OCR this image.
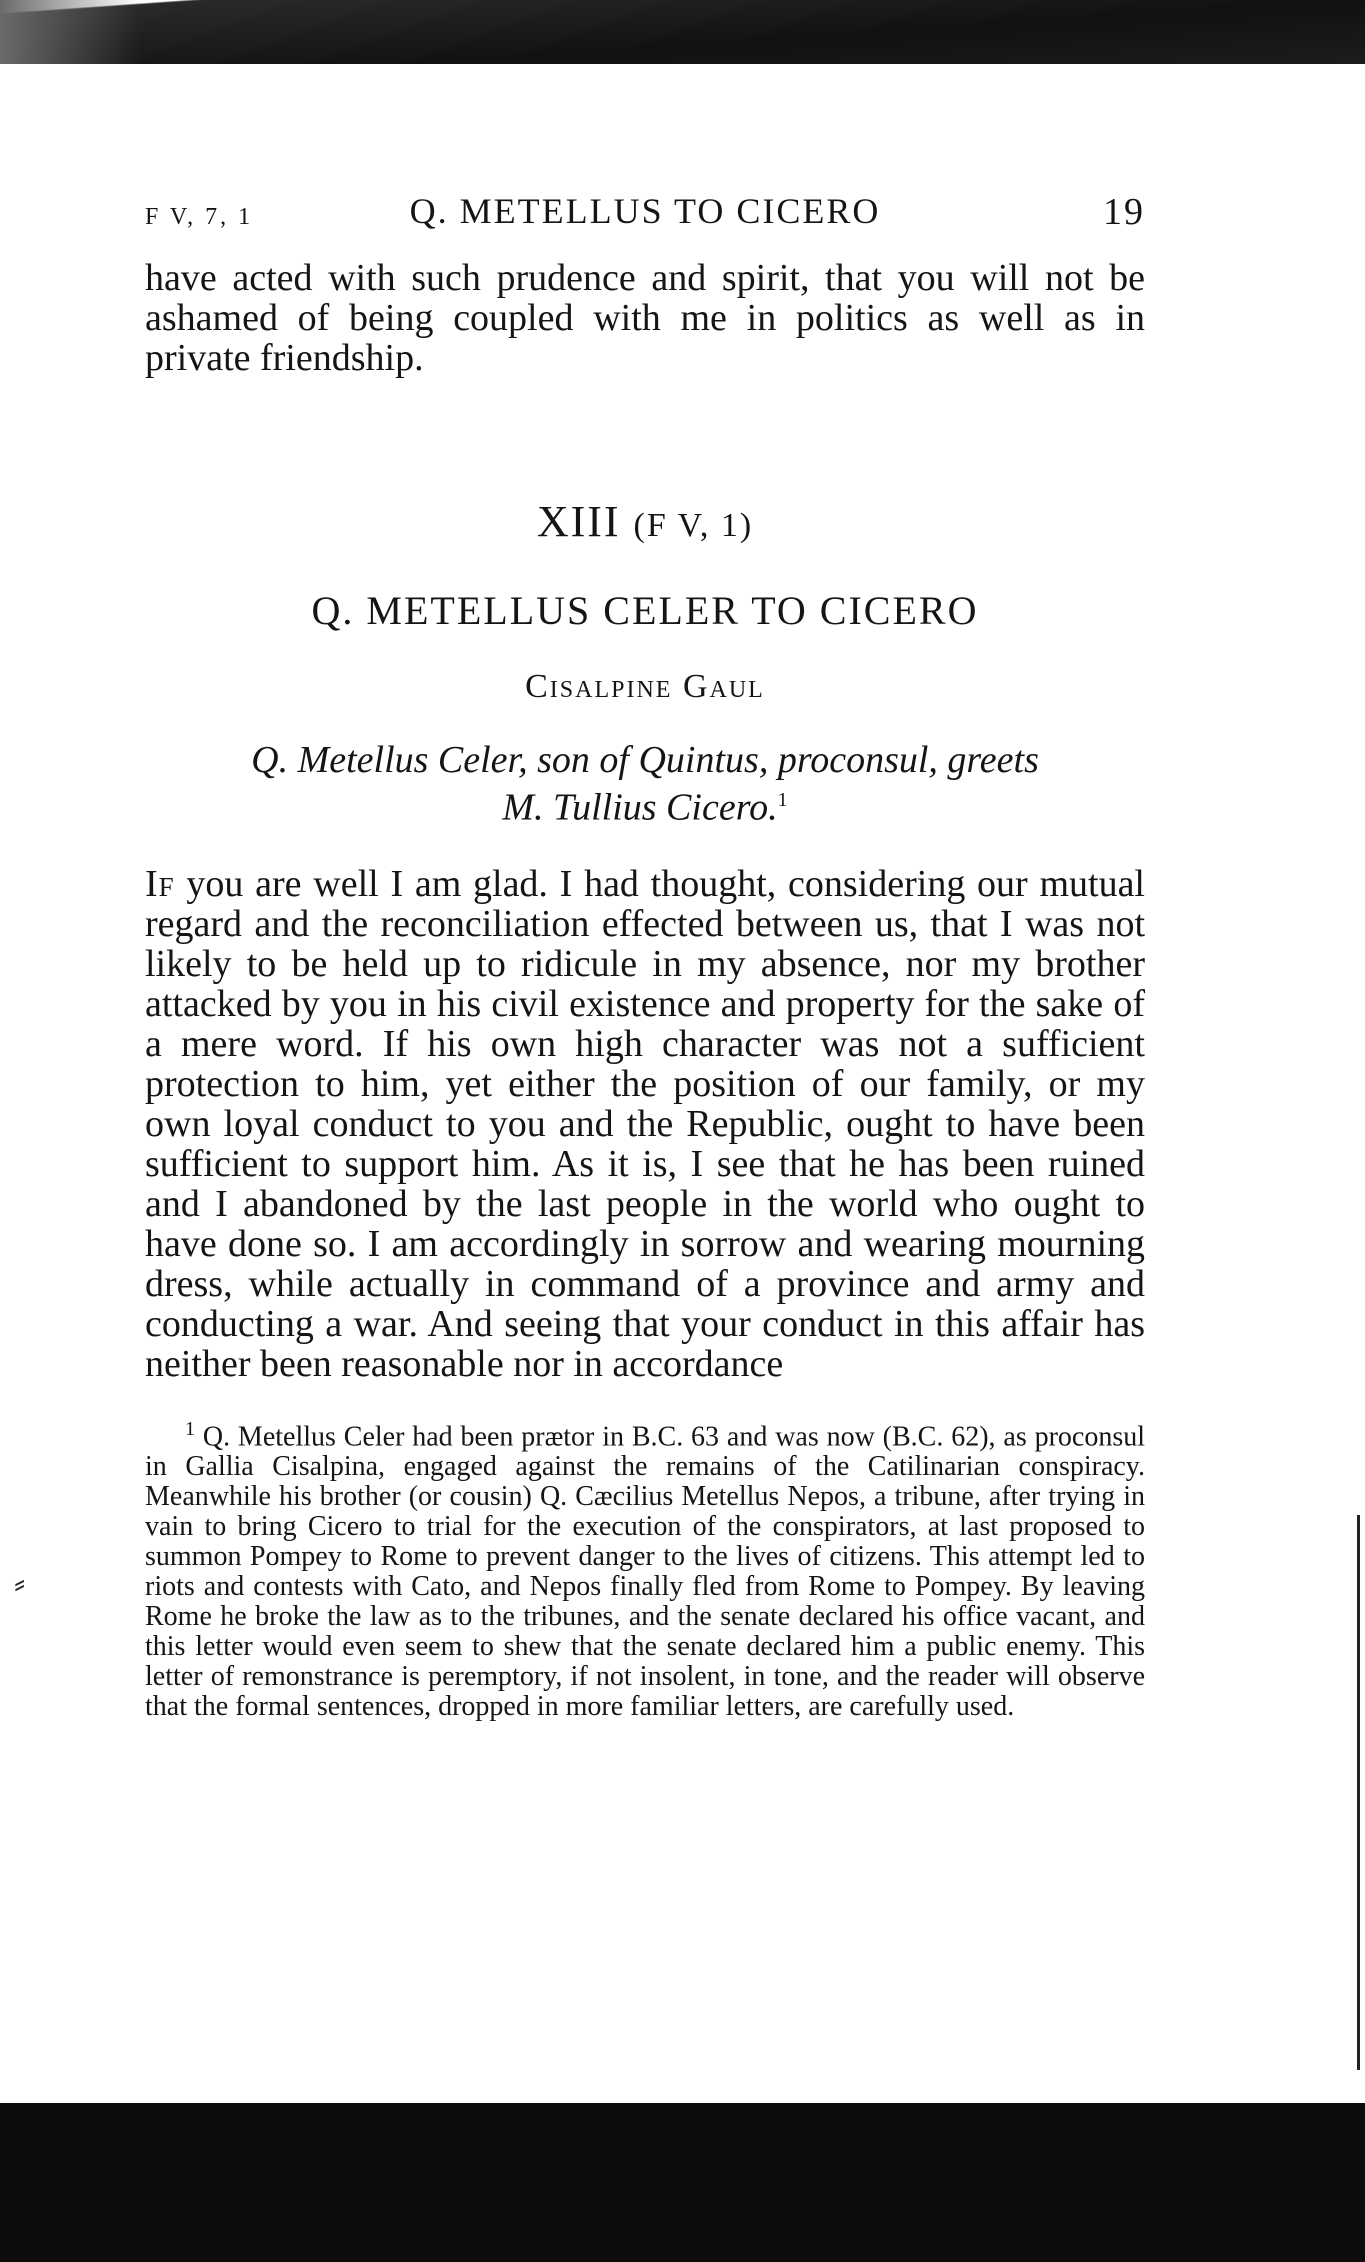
⸗
F V, 7, 1	Q. METELLUS TO CICERO	19

have acted with such prudence and spirit, that you will not be ashamed of being coupled with me in politics as well as in private friendship.

XIII (F V, 1)
Q. METELLUS CELER TO CICERO
Cisalpine Gaul
Q. Metellus Celer, son of Quintus, proconsul, greets
M. Tullius Cicero.$^1$

If you are well I am glad. I had thought, considering our mutual regard and the reconciliation effected between us, that I was not likely to be held up to ridicule in my absence, nor my brother attacked by you in his civil existence and property for the sake of a mere word. If his own high character was not a sufficient protection to him, yet either the position of our family, or my own loyal conduct to you and the Republic, ought to have been sufficient to support him. As it is, I see that he has been ruined and I abandoned by the last people in the world who ought to have done so. I am accordingly in sorrow and wearing mourning dress, while actually in command of a province and army and conducting a war. And seeing that your conduct in this affair has neither been reasonable nor in accordance

$^1$ Q. Metellus Celer had been prætor in B.C. 63 and was now (B.C. 62), as proconsul in Gallia Cisalpina, engaged against the remains of the Catilinarian conspiracy. Meanwhile his brother (or cousin) Q. Cæcilius Metellus Nepos, a tribune, after trying in vain to bring Cicero to trial for the execution of the conspirators, at last proposed to summon Pompey to Rome to prevent danger to the lives of citizens. This attempt led to riots and contests with Cato, and Nepos finally fled from Rome to Pompey. By leaving Rome he broke the law as to the tribunes, and the senate declared his office vacant, and this letter would even seem to shew that the senate declared him a public enemy. This letter of remonstrance is peremptory, if not insolent, in tone, and the reader will observe that the formal sentences, dropped in more familiar letters, are carefully used.
